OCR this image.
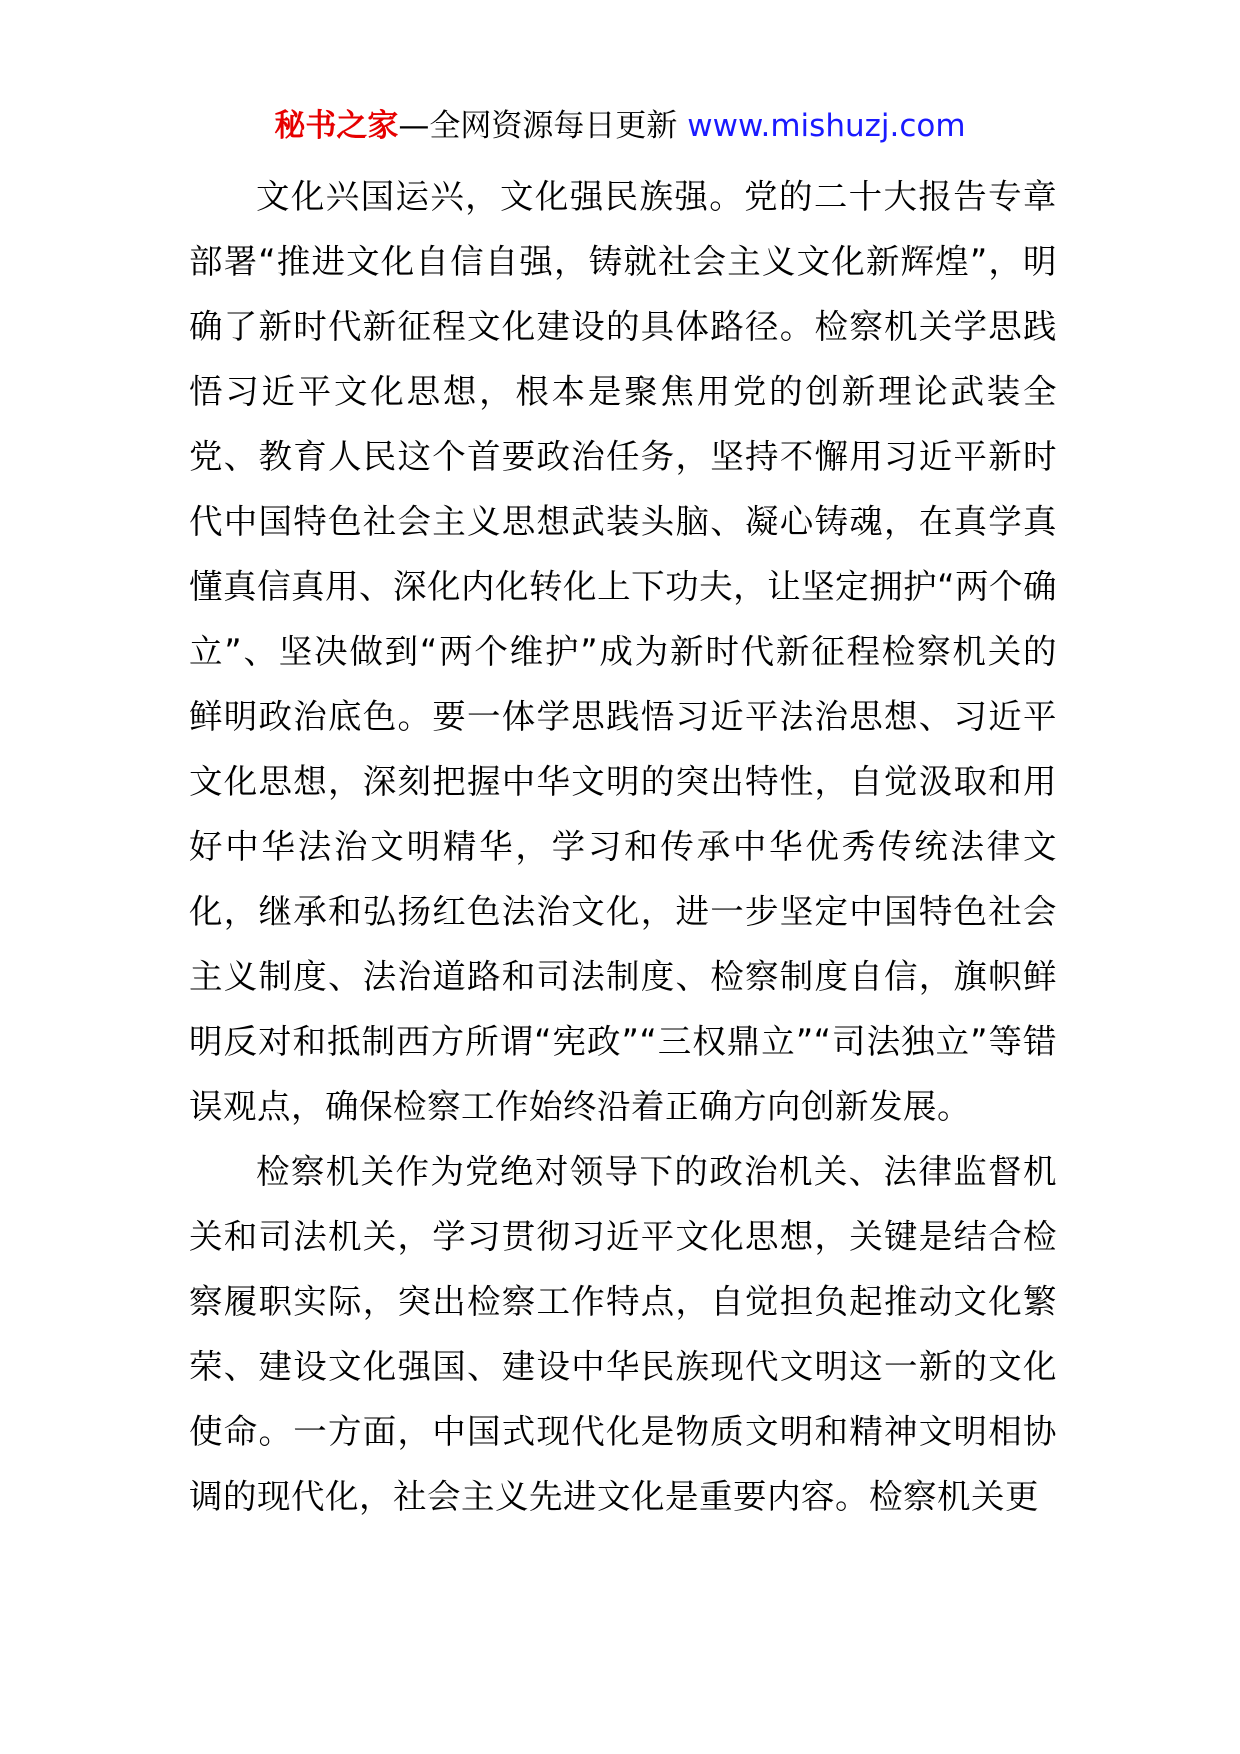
秘书之家—全网资源每日更新 www.mishuzj.com

文化兴国运兴，文化强民族强。党的二十大报告专章部署“推进文化自信自强，铸就社会主义文化新辉煌”，明确了新时代新征程文化建设的具体路径。检察机关学思践悟习近平文化思想，根本是聚焦用党的创新理论武装全党、教育人民这个首要政治任务，坚持不懈用习近平新时代中国特色社会主义思想武装头脑、凝心铸魂，在真学真懂真信真用、深化内化转化上下功夫，让坚定拥护“两个确立”、坚决做到“两个维护”成为新时代新征程检察机关的鲜明政治底色。要一体学思践悟习近平法治思想、习近平文化思想，深刻把握中华文明的突出特性，自觉汲取和用好中华法治文明精华，学习和传承中华优秀传统法律文化，继承和弘扬红色法治文化，进一步坚定中国特色社会主义制度、法治道路和司法制度、检察制度自信，旗帜鲜明反对和抵制西方所谓“宪政”“三权鼎立”“司法独立”等错误观点，确保检察工作始终沿着正确方向创新发展。

检察机关作为党绝对领导下的政治机关、法律监督机关和司法机关，学习贯彻习近平文化思想，关键是结合检察履职实际，突出检察工作特点，自觉担负起推动文化繁荣、建设文化强国、建设中华民族现代文明这一新的文化使命。一方面，中国式现代化是物质文明和精神文明相协调的现代化，社会主义先进文化是重要内容。检察机关更
